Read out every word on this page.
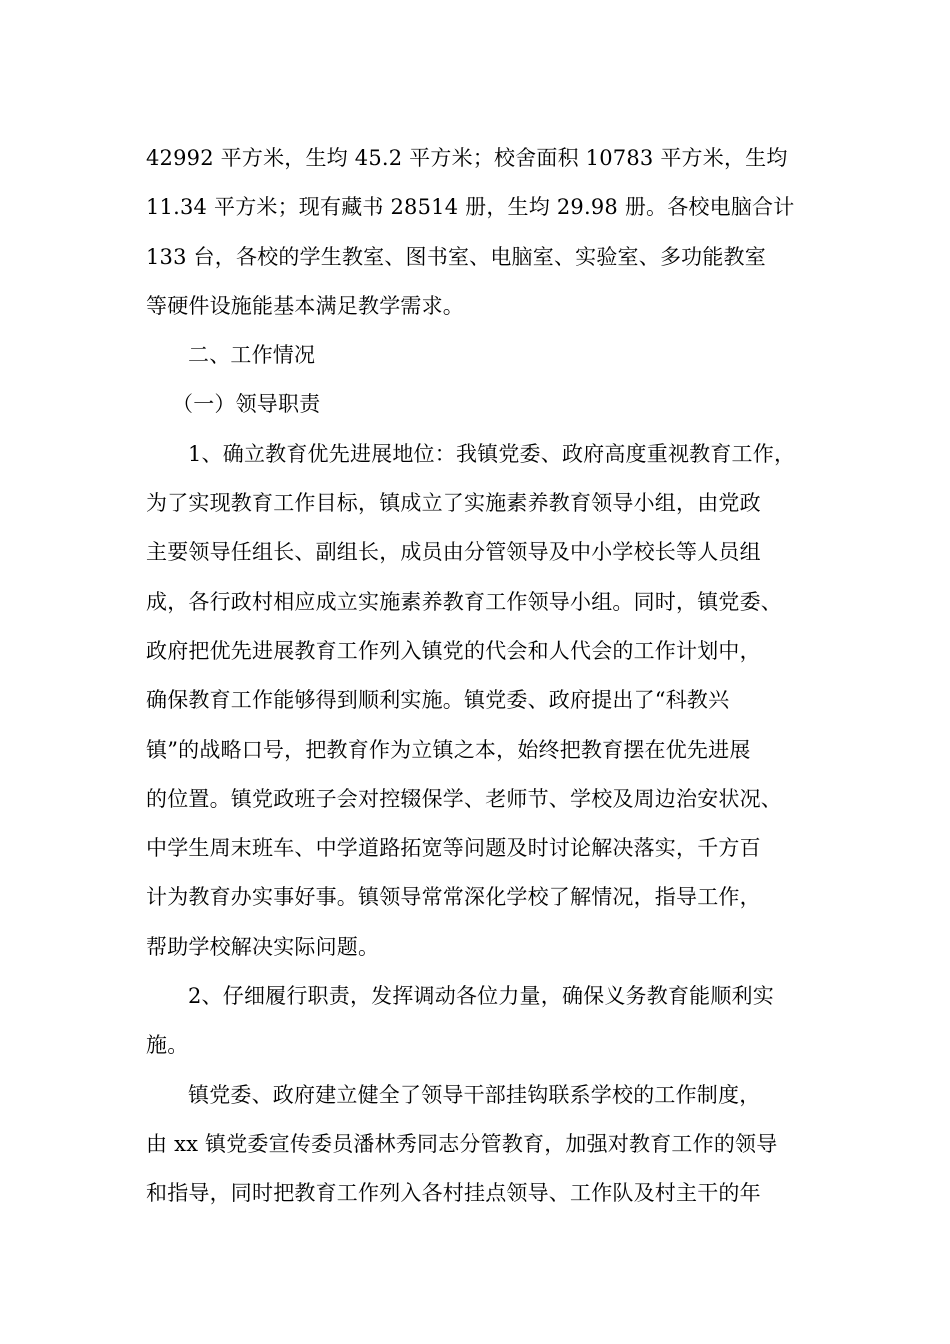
42992 平方米，生均 45.2 平方米；校舍面积 10783 平方米，生均
11.34 平方米；现有藏书 28514 册，生均 29.98 册。各校电脑合计
133 台，各校的学生教室、图书室、电脑室、实验室、多功能教室
等硬件设施能基本满足教学需求。
二、工作情况
（一）领导职责
1、确立教育优先进展地位：我镇党委、政府高度重视教育工作，
为了实现教育工作目标，镇成立了实施素养教育领导小组，由党政
主要领导任组长、副组长，成员由分管领导及中小学校长等人员组
成，各行政村相应成立实施素养教育工作领导小组。同时，镇党委、
政府把优先进展教育工作列入镇党的代会和人代会的工作计划中，
确保教育工作能够得到顺利实施。镇党委、政府提出了“科教兴
镇”的战略口号，把教育作为立镇之本，始终把教育摆在优先进展
的位置。镇党政班子会对控辍保学、老师节、学校及周边治安状况、
中学生周末班车、中学道路拓宽等问题及时讨论解决落实，千方百
计为教育办实事好事。镇领导常常深化学校了解情况，指导工作，
帮助学校解决实际问题。
2、仔细履行职责，发挥调动各位力量，确保义务教育能顺利实
施。
镇党委、政府建立健全了领导干部挂钩联系学校的工作制度，
由 xx 镇党委宣传委员潘林秀同志分管教育，加强对教育工作的领导
和指导，同时把教育工作列入各村挂点领导、工作队及村主干的年
